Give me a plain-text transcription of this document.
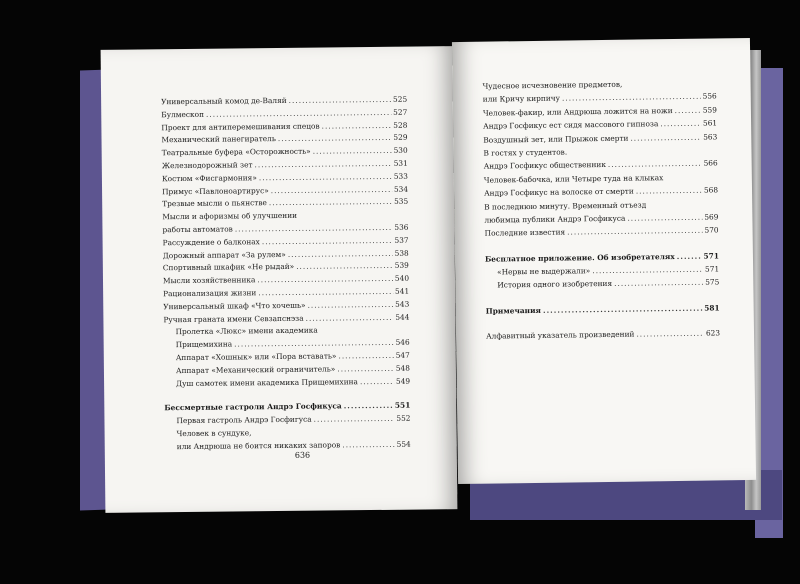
Универсальный комод де-Валяй .....	525
Булмескоп .....	527
Проект для антиперемешивания спецов .....	528
Механический панегиратель .....	529
Театральные буфера «Осторожность» .....	530
Железнодорожный зет .....	531
Костюм «Фисгармония» .....	533
Примус «Павлоноартирус» .....	534
Трезвые мысли о пьянстве .....	535
Мысли и афоризмы об улучшении
работы автоматов .....	536
Рассуждение о балконах .....	537
Дорожный аппарат «За рулем» .....	538
Спортивный шкафик «Не рыдай» .....	539
Мысли хозяйственника .....	540
Рационализация жизни .....	541
Универсальный шкаф «Что хочешь» .....	543
Ручная граната имени Севзапснэза .....	544
Пролетка «Люкс» имени академика
Прищемихина .....	546
Аппарат «Хошнык» или «Пора вставать» .....	547
Аппарат «Механический ограничитель» .....	548
Душ самотек имени академика Прищемихина .....	549
Бессмертные гастроли Андрэ Госфикуса .....	551
Первая гастроль Андрэ Госфигуса .....	552
Человек в сундуке,
или Андрюша не боится никаких запоров .....	554
636
Чудесное исчезновение предметов,
или Кричу кирпичу .....	556
Человек-факир, или Андрюша ложится на ножи .....	559
Андрэ Госфикус ест сидя массового гипноза .....	561
Воздушный зет, или Прыжок смерти .....	563
В гостях у студентов.
Андрэ Госфикус общественник .....	566
Человек-бабочка, или Четыре туда на клыках
Андрэ Госфикус на волоске от смерти .....	568
В последнюю минуту. Временный отъезд
любимца публики Андрэ Госфикуса .....	569
Последние известия .....	570
Бесплатное приложение. Об изобретателях .....	571
«Нервы не выдержали» .....	571
История одного изобретения .....	575
Примечания .....	581
Алфавитный указатель произведений .....	623
